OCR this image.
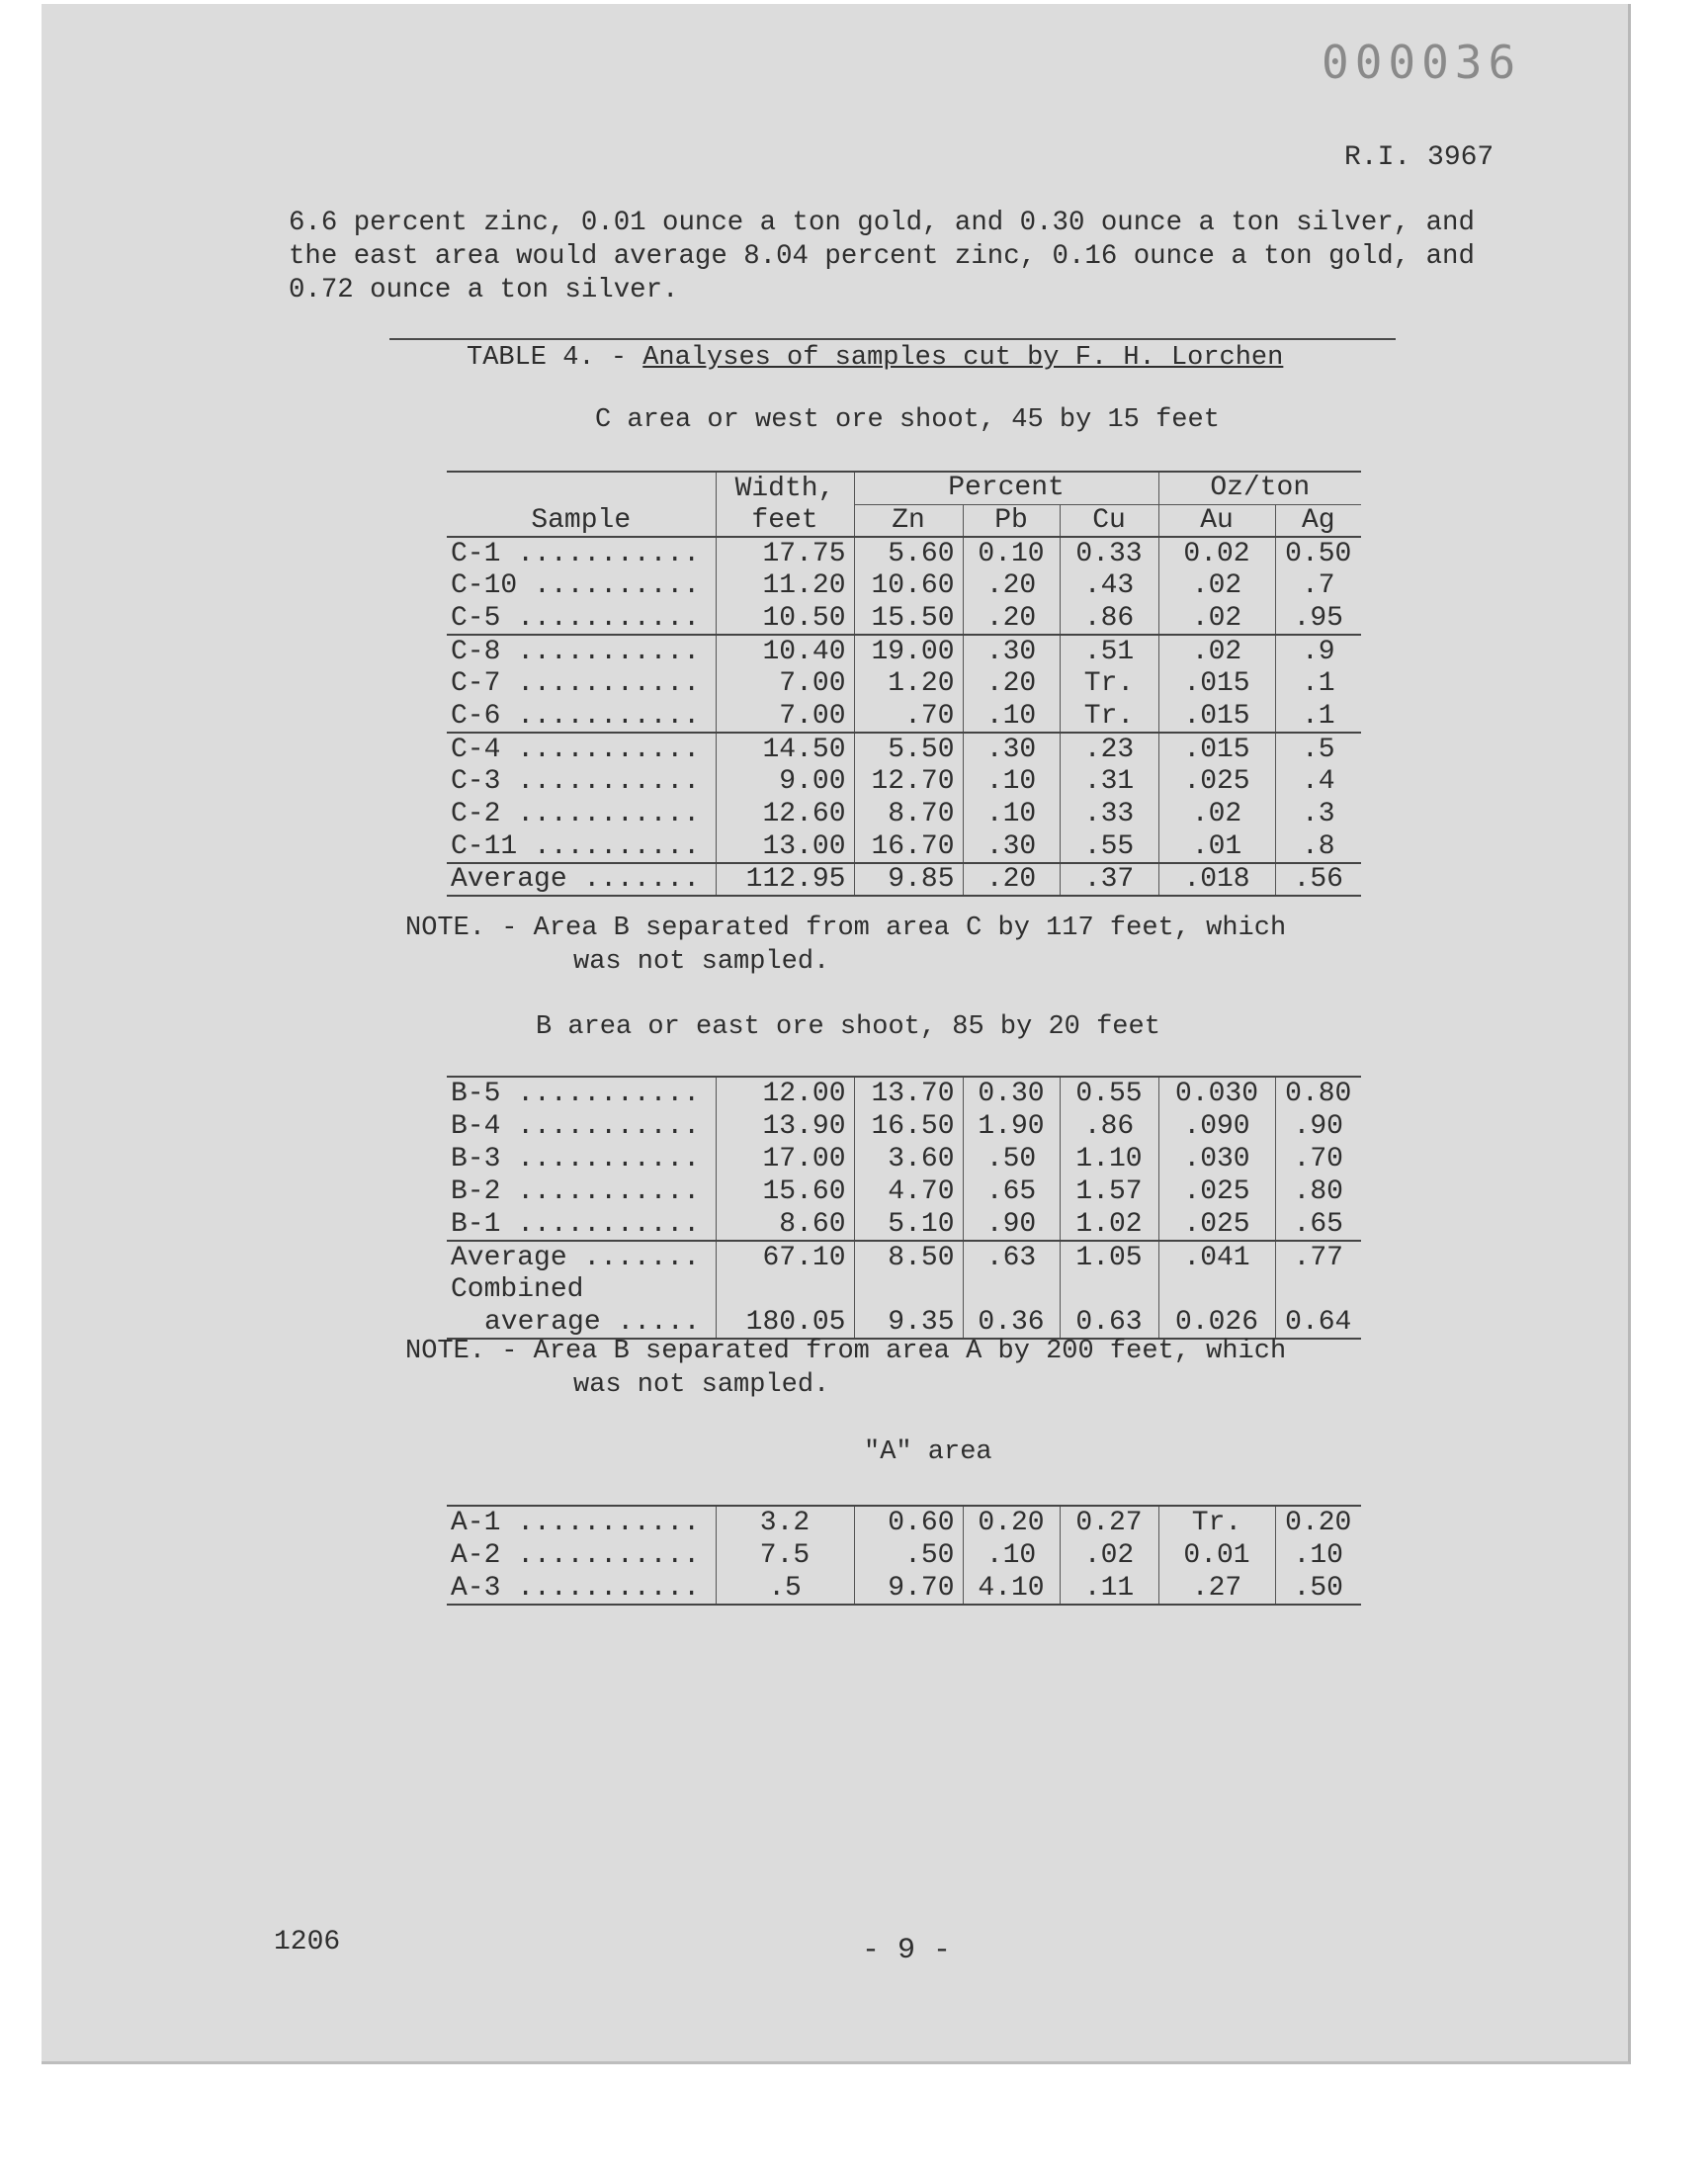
000036
R.I. 3967
6.6 percent zinc, 0.01 ounce a ton gold, and 0.30 ounce a ton silver, and
the east area would average 8.04 percent zinc, 0.16 ounce a ton gold, and
0.72 ounce a ton silver.
TABLE 4. - Analyses of samples cut by F. H. Lorchen
C area or west ore shoot, 45 by 15 feet
	Width,	Percent			Oz/ton	
Sample	feet	Zn	Pb	Cu	Au	Ag
C-1 ...........	17.75	5.60	0.10	0.33	0.02	0.50
C-10 ..........	11.20	10.60	.20	.43	.02	.7
C-5 ...........	10.50	15.50	.20	.86	.02	.95
C-8 ...........	10.40	19.00	.30	.51	.02	.9
C-7 ...........	7.00	1.20	.20	Tr.	.015	.1
C-6 ...........	7.00	.70	.10	Tr.	.015	.1
C-4 ...........	14.50	5.50	.30	.23	.015	.5
C-3 ...........	9.00	12.70	.10	.31	.025	.4
C-2 ...........	12.60	8.70	.10	.33	.02	.3
C-11 ..........	13.00	16.70	.30	.55	.01	.8
Average .......	112.95	9.85	.20	.37	.018	.56
NOTE. - Area B separated from area C by 117 feet, which
was not sampled.
B area or east ore shoot, 85 by 20 feet

B-5 ...........	12.00	13.70	0.30	0.55	0.030	0.80
B-4 ...........	13.90	16.50	1.90	.86	.090	.90
B-3 ...........	17.00	3.60	.50	1.10	.030	.70
B-2 ...........	15.60	4.70	.65	1.57	.025	.80
B-1 ...........	8.60	5.10	.90	1.02	.025	.65
Average .......	67.10	8.50	.63	1.05	.041	.77
Combined						
average .....	180.05	9.35	0.36	0.63	0.026	0.64
NOTE. - Area B separated from area A by 200 feet, which
was not sampled.
"A" area

A-1 ...........	3.2	0.60	0.20	0.27	Tr.	0.20
A-2 ...........	7.5	.50	.10	.02	0.01	.10
A-3 ...........	.5	9.70	4.10	.11	.27	.50
1206	- 9 -
